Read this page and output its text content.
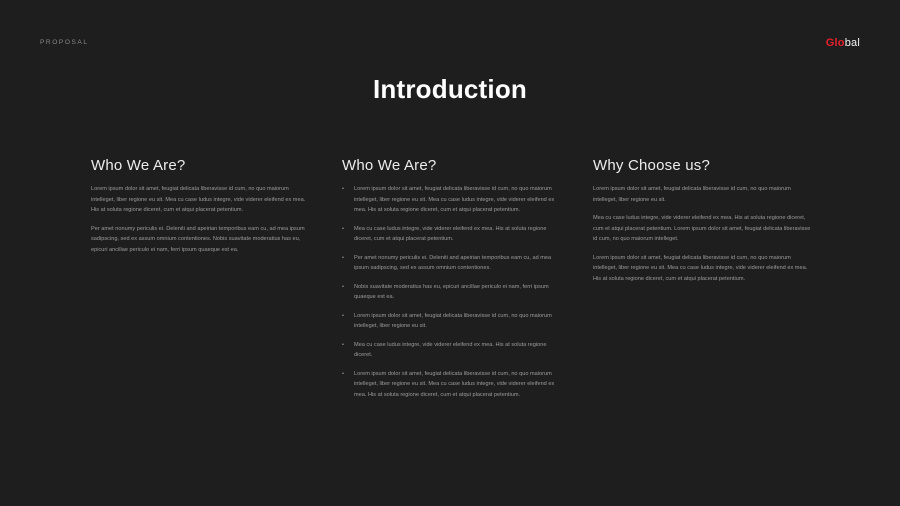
PROPOSAL	Global
Introduction
Who We Are?

Lorem ipsum dolor sit amet, feugiat delicata liberavisse id cum, no quo maiorum intelleget, liber regione eu sit. Mea cu case ludus integre, vide viderer eleifend ex mea. His at soluta regione diceret, cum et atqui placerat petentium.

Per amet nonumy periculis ei. Deleniti and apeirian temporibus eam cu, ad mea ipsum sadipscing, sed ex assum omnium contentiones. Nobis suavitate moderatius has eu, epicuri ancillae periculo ei nam, ferri ipsum quaeque est ea.

Who We Are?
• Lorem ipsum dolor sit amet, feugiat delicata liberavisse id cum, no quo maiorum intelleget, liber regione eu sit. Mea cu case ludus integre, vide viderer eleifend ex mea. His at soluta regione diceret, cum et atqui placerat petentium.
• Mea cu case ludus integre, vide viderer eleifend ex mea. His at soluta regione diceret, cum et atqui placerat petentium.
• Per amet nonumy periculis ei. Deleniti and apeirian temporibus eam cu, ad mea ipsum sadipscing, sed ex assum omnium contentiones.
• Nobis suavitate moderatius has eu, epicuri ancillae periculo ei nam, ferri ipsum quaeque est ea.
• Lorem ipsum dolor sit amet, feugiat delicata liberavisse id cum, no quo maiorum intelleget, liber regione eu sit.
• Mea cu case ludus integre, vide viderer eleifend ex mea. His at soluta regione diceret.
• Lorem ipsum dolor sit amet, feugiat delicata liberavisse id cum, no quo maiorum intelleget, liber regione eu sit. Mea cu case ludus integre, vide viderer eleifend ex mea. His at soluta regione diceret, cum et atqui placerat petentium.
Why Choose us?

Lorem ipsum dolor sit amet, feugiat delicata liberavisse id cum, no quo maiorum intelleget, liber regione eu sit.

Mea cu case ludus integre, vide viderer eleifend ex mea. His at soluta regione diceret, cum et atqui placerat petentium. Lorem ipsum dolor sit amet, feugiat delicata liberavisse id cum, no quo maiorum intelleget.

Lorem ipsum dolor sit amet, feugiat delicata liberavisse id cum, no quo maiorum intelleget, liber regione eu sit. Mea cu case ludus integre, vide viderer eleifend ex mea. His at soluta regione diceret, cum et atqui placerat petentium.
